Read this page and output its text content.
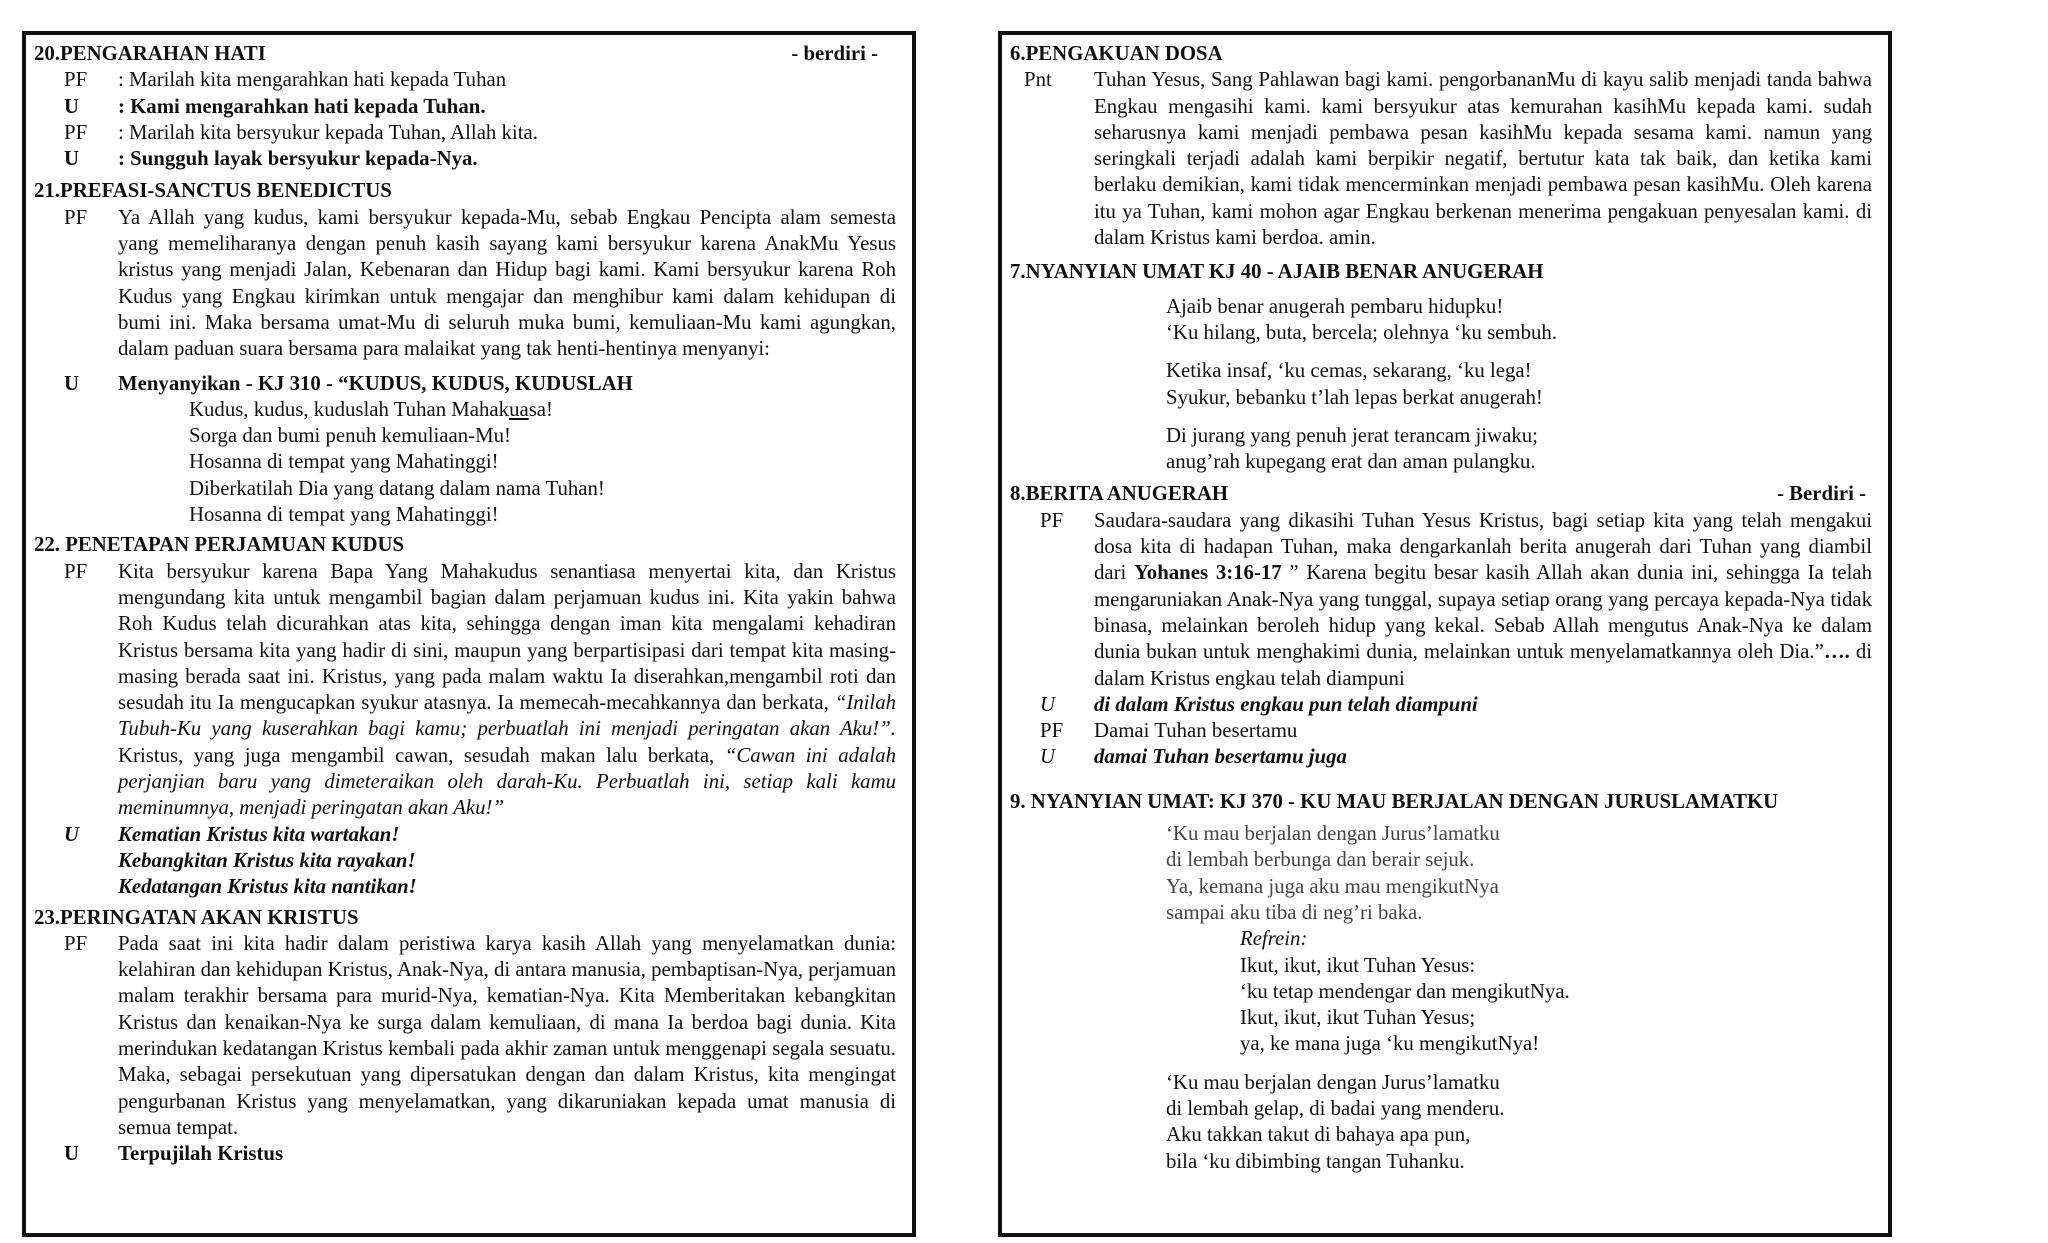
20.PENGARAHAN HATI	- berdiri -
PF	: Marilah kita mengarahkan hati kepada Tuhan
U	: Kami mengarahkan hati kepada Tuhan.
PF	: Marilah kita bersyukur kepada Tuhan, Allah kita.
U	: Sungguh layak bersyukur kepada-Nya.
21.PREFASI-SANCTUS BENEDICTUS
PF	Ya Allah yang kudus, kami bersyukur kepada-Mu, sebab Engkau Pencipta alam semesta yang memeliharanya dengan penuh kasih sayang kami bersyukur karena AnakMu Yesus kristus yang menjadi Jalan, Kebenaran dan Hidup bagi kami. Kami bersyukur karena Roh Kudus yang Engkau kirimkan untuk mengajar dan menghibur kami dalam kehidupan di bumi ini. Maka bersama umat-Mu di seluruh muka bumi, kemuliaan-Mu kami agungkan, dalam paduan suara bersama para malaikat yang tak henti-hentinya menyanyi:
U	Menyanyikan - KJ 310 - “KUDUS, KUDUS, KUDUSLAH
Kudus, kudus, kuduslah Tuhan Mahakuasa!
Sorga dan bumi penuh kemuliaan-Mu!
Hosanna di tempat yang Mahatinggi!
Diberkatilah Dia yang datang dalam nama Tuhan!
Hosanna di tempat yang Mahatinggi!
22. PENETAPAN PERJAMUAN KUDUS
PF	Kita bersyukur karena Bapa Yang Mahakudus senantiasa menyertai kita, dan Kristus mengundang kita untuk mengambil bagian dalam perjamuan kudus ini. Kita yakin bahwa Roh Kudus telah dicurahkan atas kita, sehingga dengan iman kita mengalami kehadiran Kristus bersama kita yang hadir di sini, maupun yang berpartisipasi dari tempat kita masing-masing berada saat ini. Kristus, yang pada malam waktu Ia diserahkan,mengambil roti dan sesudah itu Ia mengucapkan syukur atasnya. Ia memecah-mecahkannya dan berkata, “Inilah Tubuh-Ku yang kuserahkan bagi kamu; perbuatlah ini menjadi peringatan akan Aku!”. Kristus, yang juga mengambil cawan, sesudah makan lalu berkata, “Cawan ini adalah perjanjian baru yang dimeteraikan oleh darah-Ku. Perbuatlah ini, setiap kali kamu meminumnya, menjadi peringatan akan Aku!”
U	Kematian Kristus kita wartakan!
Kebangkitan Kristus kita rayakan!
Kedatangan Kristus kita nantikan!
23.PERINGATAN AKAN KRISTUS
PF	Pada saat ini kita hadir dalam peristiwa karya kasih Allah yang menyelamatkan dunia: kelahiran dan kehidupan Kristus, Anak-Nya, di antara manusia, pembaptisan-Nya, perjamuan malam terakhir bersama para murid-Nya, kematian-Nya. Kita Memberitakan kebangkitan Kristus dan kenaikan-Nya ke surga dalam kemuliaan, di mana Ia berdoa bagi dunia. Kita merindukan kedatangan Kristus kembali pada akhir zaman untuk menggenapi segala sesuatu. Maka, sebagai persekutuan yang dipersatukan dengan dan dalam Kristus, kita mengingat pengurbanan Kristus yang menyelamatkan, yang dikaruniakan kepada umat manusia di semua tempat.
U	Terpujilah Kristus
6.PENGAKUAN DOSA
Pnt	Tuhan Yesus, Sang Pahlawan bagi kami. pengorbananMu di kayu salib menjadi tanda bahwa Engkau mengasihi kami. kami bersyukur atas kemurahan kasihMu kepada kami. sudah seharusnya kami menjadi pembawa pesan kasihMu kepada sesama kami. namun yang seringkali terjadi adalah kami berpikir negatif, bertutur kata tak baik, dan ketika kami berlaku demikian, kami tidak mencerminkan menjadi pembawa pesan kasihMu. Oleh karena itu ya Tuhan, kami mohon agar Engkau berkenan menerima pengakuan penyesalan kami. di dalam Kristus kami berdoa. amin.
7.NYANYIAN UMAT KJ 40 - AJAIB BENAR ANUGERAH
Ajaib benar anugerah pembaru hidupku!
‘Ku hilang, buta, bercela; olehnya ‘ku sembuh.
Ketika insaf, ‘ku cemas, sekarang, ‘ku lega!
Syukur, bebanku t’lah lepas berkat anugerah!
Di jurang yang penuh jerat terancam jiwaku;
anug’rah kupegang erat dan aman pulangku.
8.BERITA ANUGERAH	- Berdiri -
PF	Saudara-saudara yang dikasihi Tuhan Yesus Kristus, bagi setiap kita yang telah mengakui dosa kita di hadapan Tuhan, maka dengarkanlah berita anugerah dari Tuhan yang diambil dari Yohanes 3:16-17 ” Karena begitu besar kasih Allah akan dunia ini, sehingga Ia telah mengaruniakan Anak-Nya yang tunggal, supaya setiap orang yang percaya kepada-Nya tidak binasa, melainkan beroleh hidup yang kekal. Sebab Allah mengutus Anak-Nya ke dalam dunia bukan untuk menghakimi dunia, melainkan untuk menyelamatkannya oleh Dia.”…. di dalam Kristus engkau telah diampuni
U	di dalam Kristus engkau pun telah diampuni
PF	Damai Tuhan besertamu
U	damai Tuhan besertamu juga
9. NYANYIAN UMAT: KJ 370 - KU MAU BERJALAN DENGAN JURUSLAMATKU
‘Ku mau berjalan dengan Jurus’lamatku
di lembah berbunga dan berair sejuk.
Ya, kemana juga aku mau mengikutNya
sampai aku tiba di neg’ri baka.
Refrein:
Ikut, ikut, ikut Tuhan Yesus:
‘ku tetap mendengar dan mengikutNya.
Ikut, ikut, ikut Tuhan Yesus;
ya, ke mana juga ‘ku mengikutNya!
‘Ku mau berjalan dengan Jurus’lamatku
di lembah gelap, di badai yang menderu.
Aku takkan takut di bahaya apa pun,
bila ‘ku dibimbing tangan Tuhanku.
